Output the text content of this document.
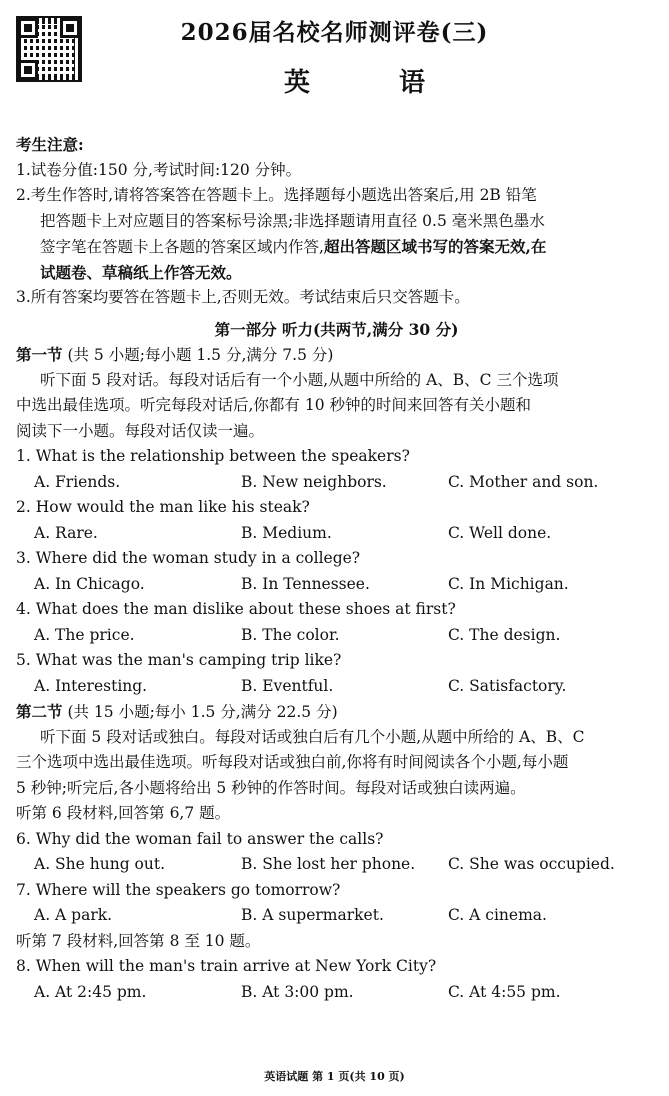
2026届名校名师测评卷(三)
英 语
考生注意:
1.试卷分值:150 分,考试时间:120 分钟。
2.考生作答时,请将答案答在答题卡上。选择题每小题选出答案后,用 2B 铅笔
把答题卡上对应题目的答案标号涂黑;非选择题请用直径 0.5 毫米黑色墨水
签字笔在答题卡上各题的答案区域内作答,超出答题区域书写的答案无效,在
试题卷、草稿纸上作答无效。
3.所有答案均要答在答题卡上,否则无效。考试结束后只交答题卡。
第一部分 听力(共两节,满分 30 分)
第一节 (共 5 小题;每小题 1.5 分,满分 7.5 分)
听下面 5 段对话。每段对话后有一个小题,从题中所给的 A、B、C 三个选项
中选出最佳选项。听完每段对话后,你都有 10 秒钟的时间来回答有关小题和
阅读下一小题。每段对话仅读一遍。
1. What is the relationship between the speakers?
A. Friends.	B. New neighbors.	C. Mother and son.
2. How would the man like his steak?
A. Rare.	B. Medium.	C. Well done.
3. Where did the woman study in a college?
A. In Chicago.	B. In Tennessee.	C. In Michigan.
4. What does the man dislike about these shoes at first?
A. The price.	B. The color.	C. The design.
5. What was the man's camping trip like?
A. Interesting.	B. Eventful.	C. Satisfactory.
第二节 (共 15 小题;每小 1.5 分,满分 22.5 分)
听下面 5 段对话或独白。每段对话或独白后有几个小题,从题中所给的 A、B、C
三个选项中选出最佳选项。听每段对话或独白前,你将有时间阅读各个小题,每小题
5 秒钟;听完后,各小题将给出 5 秒钟的作答时间。每段对话或独白读两遍。
听第 6 段材料,回答第 6,7 题。
6. Why did the woman fail to answer the calls?
A. She hung out.	B. She lost her phone.	C. She was occupied.
7. Where will the speakers go tomorrow?
A. A park.	B. A supermarket.	C. A cinema.
听第 7 段材料,回答第 8 至 10 题。
8. When will the man's train arrive at New York City?
A. At 2:45 pm.	B. At 3:00 pm.	C. At 4:55 pm.
英语试题 第 1 页(共 10 页)
